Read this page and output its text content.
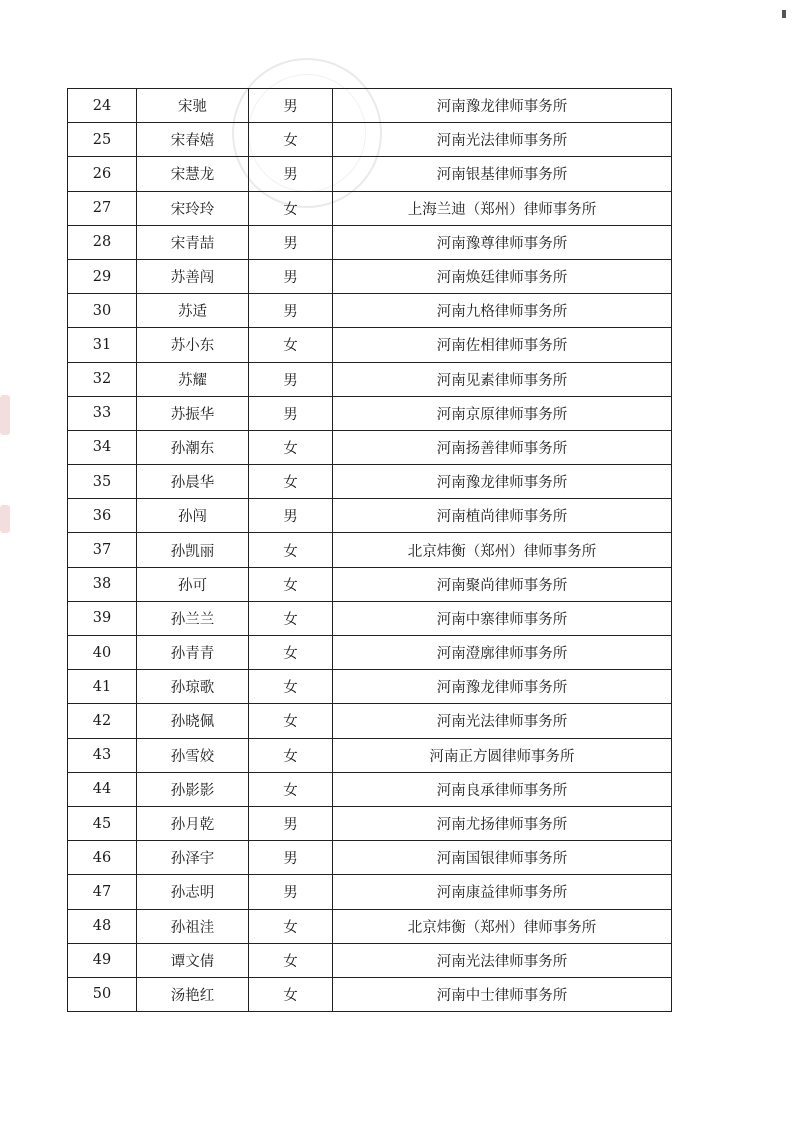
24	宋驰	男	河南豫龙律师事务所
25	宋春嬉	女	河南光法律师事务所
26	宋慧龙	男	河南银基律师事务所
27	宋玲玲	女	上海兰迪（郑州）律师事务所
28	宋青喆	男	河南豫尊律师事务所
29	苏善闯	男	河南焕廷律师事务所
30	苏适	男	河南九格律师事务所
31	苏小东	女	河南佐相律师事务所
32	苏耀	男	河南见素律师事务所
33	苏振华	男	河南京原律师事务所
34	孙潮东	女	河南扬善律师事务所
35	孙晨华	女	河南豫龙律师事务所
36	孙闯	男	河南植尚律师事务所
37	孙凯丽	女	北京炜衡（郑州）律师事务所
38	孙可	女	河南聚尚律师事务所
39	孙兰兰	女	河南中寨律师事务所
40	孙青青	女	河南澄廓律师事务所
41	孙琼歌	女	河南豫龙律师事务所
42	孙晓佩	女	河南光法律师事务所
43	孙雪姣	女	河南正方圆律师事务所
44	孙影影	女	河南良承律师事务所
45	孙月乾	男	河南尤扬律师事务所
46	孙泽宇	男	河南国银律师事务所
47	孙志明	男	河南康益律师事务所
48	孙祖洼	女	北京炜衡（郑州）律师事务所
49	谭文倩	女	河南光法律师事务所
50	汤艳红	女	河南中士律师事务所
